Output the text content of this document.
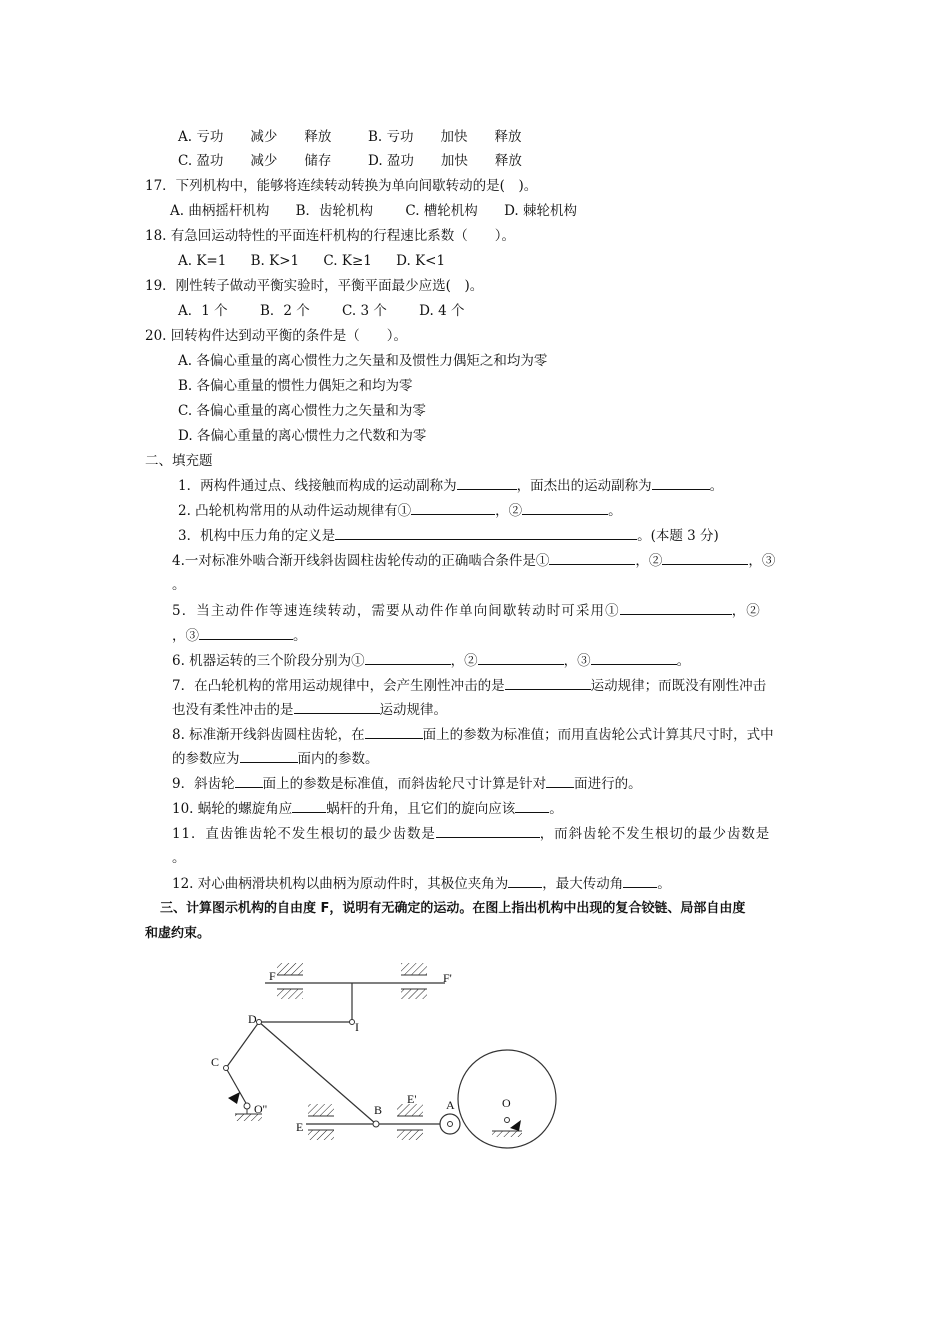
A. 亏功　　减少　　释放	B. 亏功　　加快　　释放
C. 盈功　　减少　　储存	D. 盈功　　加快　　释放
17．下列机构中，能够将连续转动转换为单向间歇转动的是(　)。
A. 曲柄摇杆机构 B．齿轮机构 C. 槽轮机构 D. 棘轮机构
18. 有急回运动特性的平面连杆机构的行程速比系数（　　）。
A. K=1 B. K>1 C. K≥1 D. K<1
19．刚性转子做动平衡实验时，平衡平面最少应选(　)。
A．1 个 B．2 个 C. 3 个 D. 4 个
20. 回转构件达到动平衡的条件是（　　）。
A. 各偏心重量的离心惯性力之矢量和及惯性力偶矩之和均为零
B. 各偏心重量的惯性力偶矩之和均为零
C. 各偏心重量的离心惯性力之矢量和为零
D. 各偏心重量的离心惯性力之代数和为零
二、填充题
1．两构件通过点、线接触而构成的运动副称为	，面杰出的运动副称为	。
2. 凸轮机构常用的从动件运动规律有①	，②	。
3．机构中压力角的定义是	。(本题 3 分)
4.一对标准外啮合渐开线斜齿圆柱齿轮传动的正确啮合条件是①	，②	，③
。
5．当主动件作等速连续转动，需要从动件作单向间歇转动时可采用①	，②
，③	。
6. 机器运转的三个阶段分别为①	，②	，③	。
7．在凸轮机构的常用运动规律中，会产生刚性冲击的是	运动规律；而既没有刚性冲击
也没有柔性冲击的是	运动规律。
8. 标准渐开线斜齿圆柱齿轮，在	面上的参数为标准值；而用直齿轮公式计算其尺寸时，式中
的参数应为	面内的参数。
9．斜齿轮 面上的参数是标准值，而斜齿轮尺寸计算是针对 面进行的。
10. 蜗轮的螺旋角应	蜗杆的升角，且它们的旋向应该	。
11．直齿锥齿轮不发生根切的最少齿数是	，而斜齿轮不发生根切的最少齿数是
。
12. 对心曲柄滑块机构以曲柄为原动件时，其极位夹角为	，最大传动角	。
三、计算图示机构的自由度 F，说明有无确定的运动。在图上指出机构中出现的复合铰链、局部自由度
和虚约束。
F	F'
D
I
C
O''	B
E' A	O
E
